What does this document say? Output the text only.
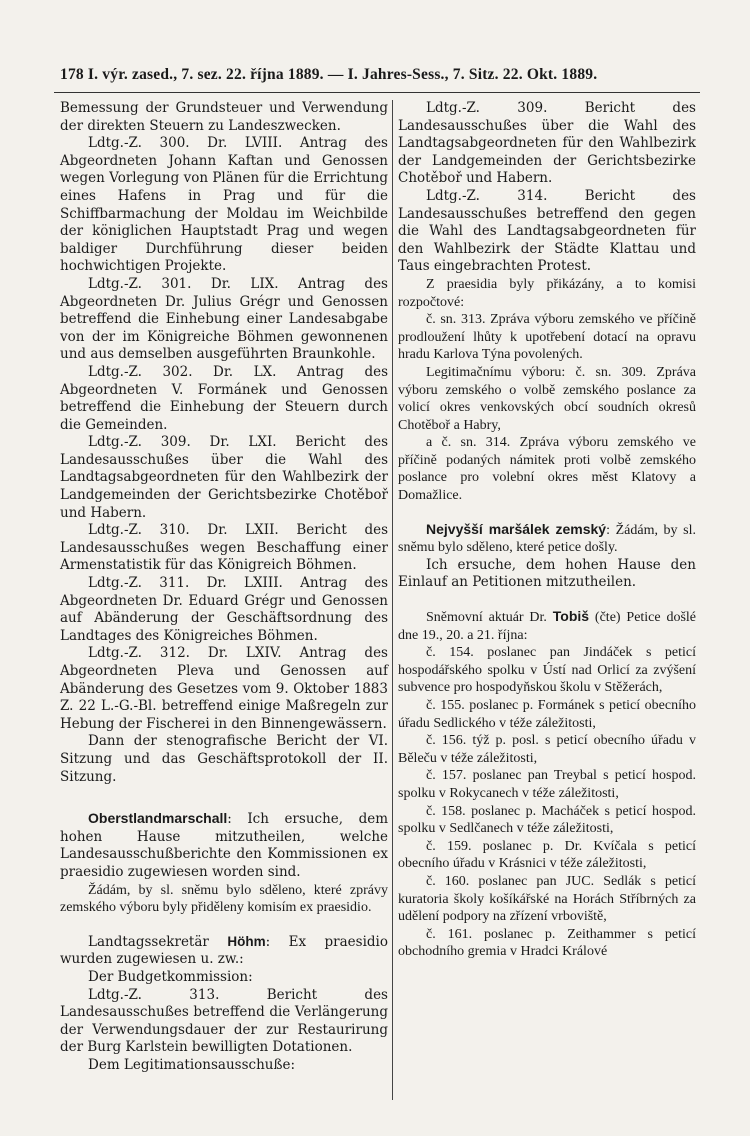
178 I. výr. zased., 7. sez. 22. října 1889. — I. Jahres-Sess., 7. Sitz. 22. Okt. 1889.

Bemessung der Grundsteuer und Verwendung der direkten Steuern zu Landeszwecken.

Ldtg.-Z. 300. Dr. LVIII. Antrag des Abgeordneten Johann Kaftan und Genossen wegen Vorlegung von Plänen für die Errichtung eines Hafens in Prag und für die Schiffbarmachung der Moldau im Weichbilde der königlichen Hauptstadt Prag und wegen baldiger Durchführung dieser beiden hochwichtigen Projekte.

Ldtg.-Z. 301. Dr. LIX. Antrag des Abgeordneten Dr. Julius Grégr und Genossen betreffend die Einhebung einer Landesabgabe von der im Königreiche Böhmen gewonnenen und aus demselben ausgeführten Braunkohle.

Ldtg.-Z. 302. Dr. LX. Antrag des Abgeordneten V. Formánek und Genossen betreffend die Einhebung der Steuern durch die Gemeinden.

Ldtg.-Z. 309. Dr. LXI. Bericht des Landesausschußes über die Wahl des Landtagsabgeordneten für den Wahlbezirk der Landgemeinden der Gerichtsbezirke Chotěboř und Habern.

Ldtg.-Z. 310. Dr. LXII. Bericht des Landesausschußes wegen Beschaffung einer Armenstatistik für das Königreich Böhmen.

Ldtg.-Z. 311. Dr. LXIII. Antrag des Abgeordneten Dr. Eduard Grégr und Genossen auf Abänderung der Geschäftsordnung des Landtages des Königreiches Böhmen.

Ldtg.-Z. 312. Dr. LXIV. Antrag des Abgeordneten Pleva und Genossen auf Abänderung des Gesetzes vom 9. Oktober 1883 Z. 22 L.-G.-Bl. betreffend einige Maßregeln zur Hebung der Fischerei in den Binnengewässern.

Dann der stenografische Bericht der VI. Sitzung und das Geschäftsprotokoll der II. Sitzung.

Oberstlandmarschall: Ich ersuche, dem hohen Hause mitzutheilen, welche Landesausschußberichte den Kommissionen ex praesidio zugewiesen worden sind.

Žádám, by sl. sněmu bylo sděleno, které zprávy zemského výboru byly přiděleny komisím ex praesidio.

Landtagssekretär Höhm: Ex praesidio wurden zugewiesen u. zw.:

Der Budgetkommission:

Ldtg.-Z. 313. Bericht des Landesausschußes betreffend die Verlängerung der Verwendungsdauer der zur Restaurirung der Burg Karlstein bewilligten Dotationen.

Dem Legitimationsausschuße:

Ldtg.-Z. 309. Bericht des Landesausschußes über die Wahl des Landtagsabgeordneten für den Wahlbezirk der Landgemeinden der Gerichtsbezirke Chotěboř und Habern.

Ldtg.-Z. 314. Bericht des Landesausschußes betreffend den gegen die Wahl des Landtagsabgeordneten für den Wahlbezirk der Städte Klattau und Taus eingebrachten Protest.

Z praesidia byly přikázány, a to komisi rozpočtové:

č. sn. 313. Zpráva výboru zemského ve příčině prodloužení lhůty k upotřebení dotací na opravu hradu Karlova Týna povolených.

Legitimačnímu výboru: č. sn. 309. Zpráva výboru zemského o volbě zemského poslance za volicí okres venkovských obcí soudních okresů Chotěboř a Habry,

a č. sn. 314. Zpráva výboru zemského ve příčině podaných námitek proti volbě zemského poslance pro volební okres měst Klatovy a Domažlice.

Nejvyšší maršálek zemský: Žádám, by sl. sněmu bylo sděleno, které petice došly.

Ich ersuche, dem hohen Hause den Einlauf an Petitionen mitzutheilen.

Sněmovní aktuár Dr. Tobiš (čte) Petice došlé dne 19., 20. a 21. října:

č. 154. poslanec pan Jindáček s peticí hospodářského spolku v Ústí nad Orlicí za zvýšení subvence pro hospodyňskou školu v Stěžerách,

č. 155. poslanec p. Formánek s peticí obecního úřadu Sedlického v téže záležitosti,

č. 156. týž p. posl. s peticí obecního úřadu v Běleču v téže záležitosti,

č. 157. poslanec pan Treybal s peticí hospod. spolku v Rokycanech v téže záležitosti,

č. 158. poslanec p. Macháček s peticí hospod. spolku v Sedlčanech v téže záležitosti,

č. 159. poslanec p. Dr. Kvíčala s peticí obecního úřadu v Krásnici v téže záležitosti,

č. 160. poslanec pan JUC. Sedlák s peticí kuratoria školy košíkářské na Horách Stříbrných za udělení podpory na zřízení vrboviště,

č. 161. poslanec p. Zeithammer s peticí obchodního gremia v Hradci Králové
